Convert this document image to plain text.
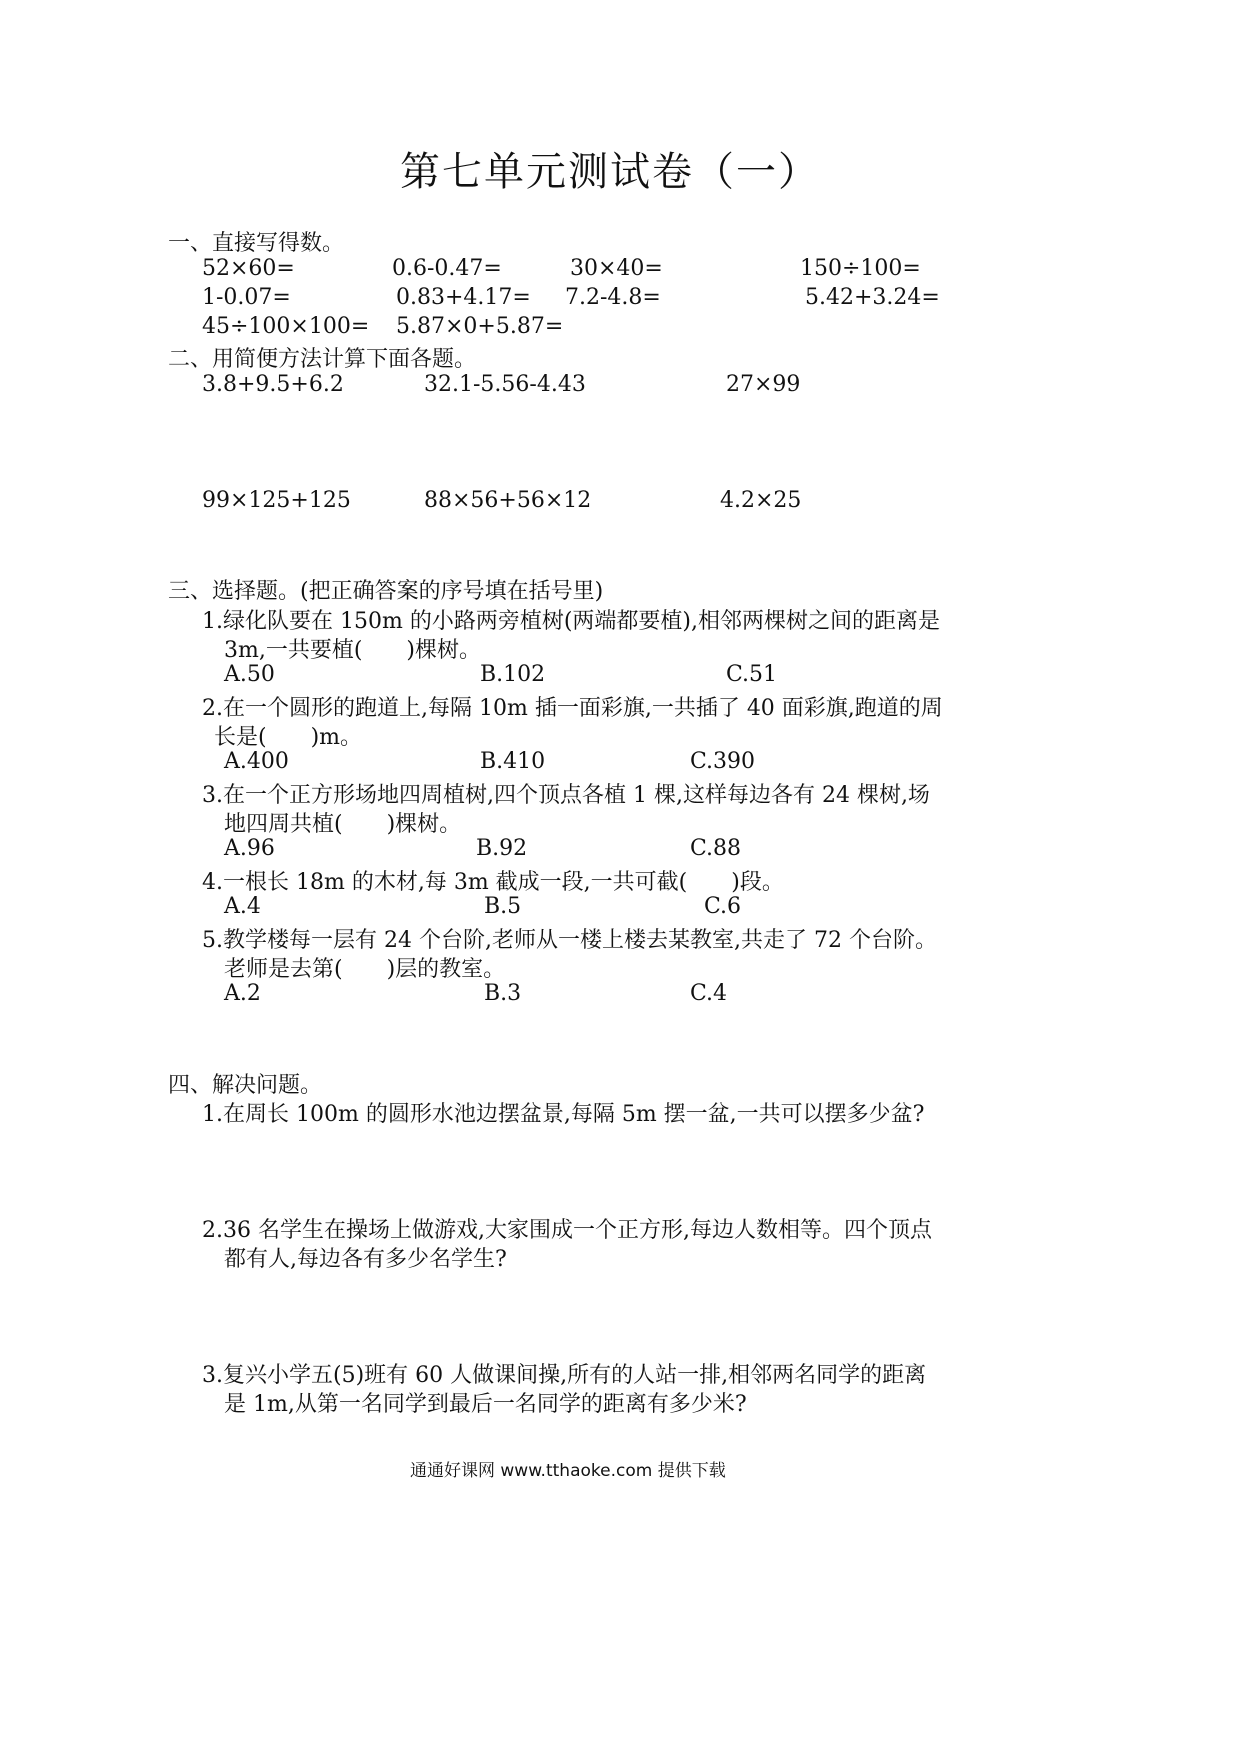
第七单元测试卷（一）
一、直接写得数。
52×60=	0.6-0.47=	30×40=	150÷100=
1-0.07=	0.83+4.17= 7.2-4.8=	5.42+3.24=
45÷100×100= 5.87×0+5.87=
二、用简便方法计算下面各题。
3.8+9.5+6.2	32.1-5.56-4.43	27×99
99×125+125	88×56+56×12	4.2×25
三、选择题。(把正确答案的序号填在括号里)
1.绿化队要在 150m 的小路两旁植树(两端都要植),相邻两棵树之间的距离是
3m,一共要植(　　)棵树。
A.50	B.102	C.51
2.在一个圆形的跑道上,每隔 10m 插一面彩旗,一共插了 40 面彩旗,跑道的周
长是(　　)m。
A.400	B.410	C.390
3.在一个正方形场地四周植树,四个顶点各植 1 棵,这样每边各有 24 棵树,场
地四周共植(　　)棵树。
A.96	B.92	C.88
4.一根长 18m 的木材,每 3m 截成一段,一共可截(　　)段。
A.4	B.5	C.6
5.教学楼每一层有 24 个台阶,老师从一楼上楼去某教室,共走了 72 个台阶。
老师是去第(　　)层的教室。
A.2	B.3	C.4
四、解决问题。
1.在周长 100m 的圆形水池边摆盆景,每隔 5m 摆一盆,一共可以摆多少盆?
2.36 名学生在操场上做游戏,大家围成一个正方形,每边人数相等。四个顶点
都有人,每边各有多少名学生?
3.复兴小学五(5)班有 60 人做课间操,所有的人站一排,相邻两名同学的距离
是 1m,从第一名同学到最后一名同学的距离有多少米?
通通好课网 www.tthaoke.com 提供下载
